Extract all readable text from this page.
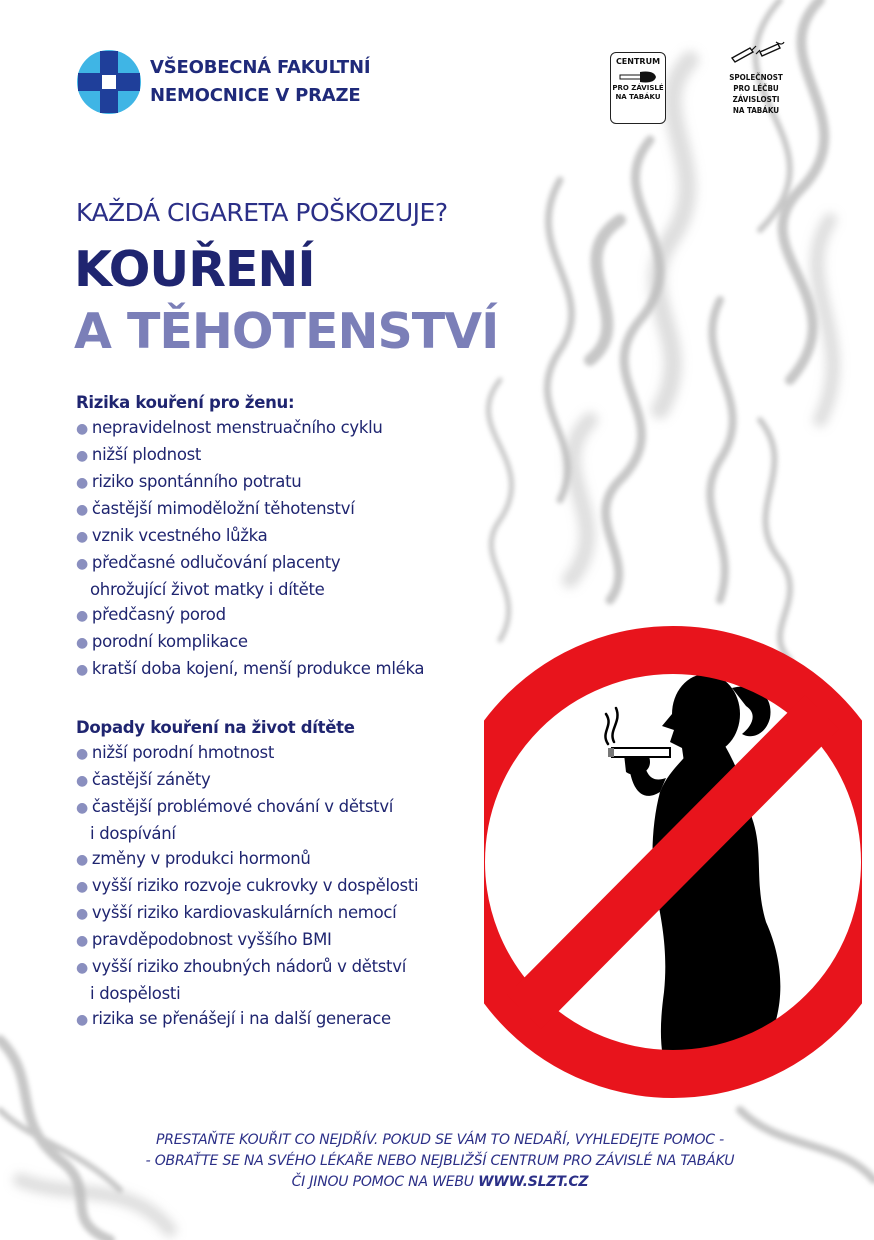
VŠEOBECNÁ FAKULTNÍ
NEMOCNICE V PRAZE
CENTRUM
PRO ZÁVISLÉ
NA TABÁKU
SPOLEČNOST
PRO LÉČBU
ZÁVISLOSTI
NA TABÁKU
KAŽDÁ CIGARETA POŠKOZUJE?
KOUŘENÍ
A TĚHOTENSTVÍ
Rizika kouření pro ženu:
● nepravidelnost menstruačního cyklu
● nižší plodnost
● riziko spontánního potratu
● častější mimoděložní těhotenství
● vznik vcestného lůžka
● předčasné odlučování placenty
ohrožující život matky i dítěte
● předčasný porod
● porodní komplikace
● kratší doba kojení, menší produkce mléka
Dopady kouření na život dítěte
● nižší porodní hmotnost
● častější záněty
● častější problémové chování v dětství
i dospívání
● změny v produkci hormonů
● vyšší riziko rozvoje cukrovky v dospělosti
● vyšší riziko kardiovaskulárních nemocí
● pravděpodobnost vyššího BMI
● vyšší riziko zhoubných nádorů v dětství
i dospělosti
● rizika se přenášejí i na další generace
PRESTAŇTE KOUŘIT CO NEJDŘÍV. POKUD SE VÁM TO NEDAŘÍ, VYHLEDEJTE POMOC -
- OBRAŤTE SE NA SVÉHO LÉKAŘE NEBO NEJBLIŽŠÍ CENTRUM PRO ZÁVISLÉ NA TABÁKU
ČI JINOU POMOC NA WEBU WWW.SLZT.CZ
